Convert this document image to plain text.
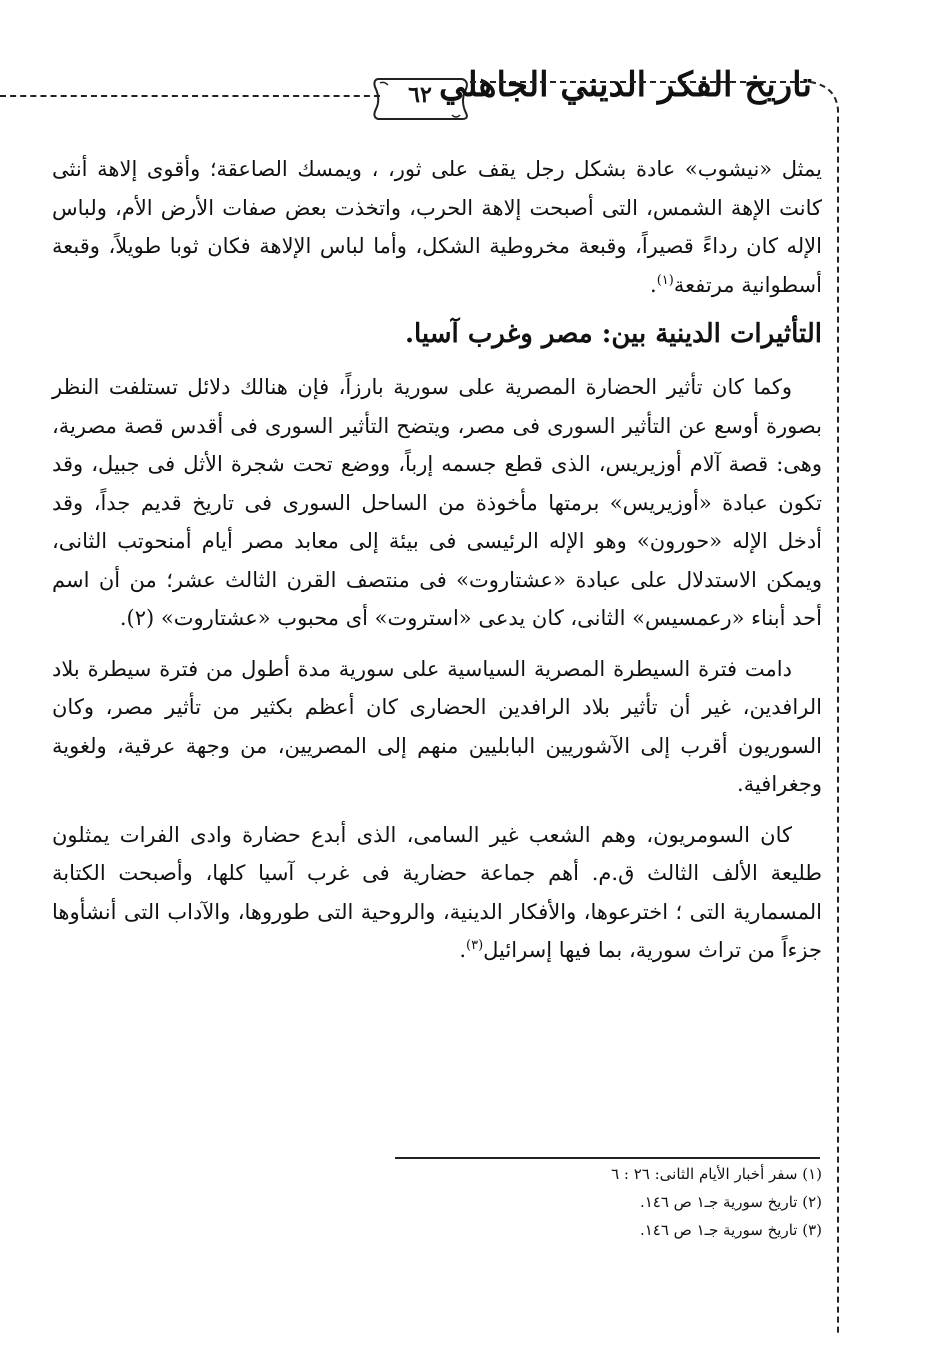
٦٢ تاريخ الفكر الديني الجاهلي

يمثل «نيشوب» عادة بشكل رجل يقف على ثور، ، ويمسك الصاعقة؛ وأقوى إلاهة أنثى كانت الإهة الشمس، التى أصبحت إلاهة الحرب، واتخذت بعض صفات الأرض الأم، ولباس الإله كان رداءً قصيراً، وقبعة مخروطية الشكل، وأما لباس الإلاهة فكان ثوبا طويلاً، وقبعة أسطوانية مرتفعة$^{(١)}$.

التأثيرات الدينية بين: مصر وغرب آسيا.

وكما كان تأثير الحضارة المصرية على سورية بارزاً، فإن هنالك دلائل تستلفت النظر بصورة أوسع عن التأثير السورى فى مصر، ويتضح التأثير السورى فى أقدس قصة مصرية، وهى: قصة آلام أوزيريس، الذى قطع جسمه إرباً، ووضع تحت شجرة الأثل فى جبيل، وقد تكون عبادة «أوزيريس» برمتها مأخوذة من الساحل السورى فى تاريخ قديم جداً، وقد أدخل الإله «حورون» وهو الإله الرئيسى فى بيئة إلى معابد مصر أيام أمنحوتب الثانى، ويمكن الاستدلال على عبادة «عشتاروت» فى منتصف القرن الثالث عشر؛ من أن اسم أحد أبناء «رعمسيس» الثانى، كان يدعى «استروت» أى محبوب «عشتاروت» (٢).

دامت فترة السيطرة المصرية السياسية على سورية مدة أطول من فترة سيطرة بلاد الرافدين، غير أن تأثير بلاد الرافدين الحضارى كان أعظم بكثير من تأثير مصر، وكان السوريون أقرب إلى الآشوريين البابليين منهم إلى المصريين، من وجهة عرقية، ولغوية وجغرافية.

كان السومريون، وهم الشعب غير السامى، الذى أبدع حضارة وادى الفرات يمثلون طليعة الألف الثالث ق.م. أهم جماعة حضارية فى غرب آسيا كلها، وأصبحت الكتابة المسمارية التى ؛ اخترعوها، والأفكار الدينية، والروحية التى طوروها، والآداب التى أنشأوها جزءاً من تراث سورية، بما فيها إسرائيل$^{(٣)}$.

(١) سفر أخبار الأيام الثانى: ٢٦ : ٦

(٢) تاريخ سورية جـ١ ص ١٤٦.

(٣) تاريخ سورية جـ١ ص ١٤٦.
